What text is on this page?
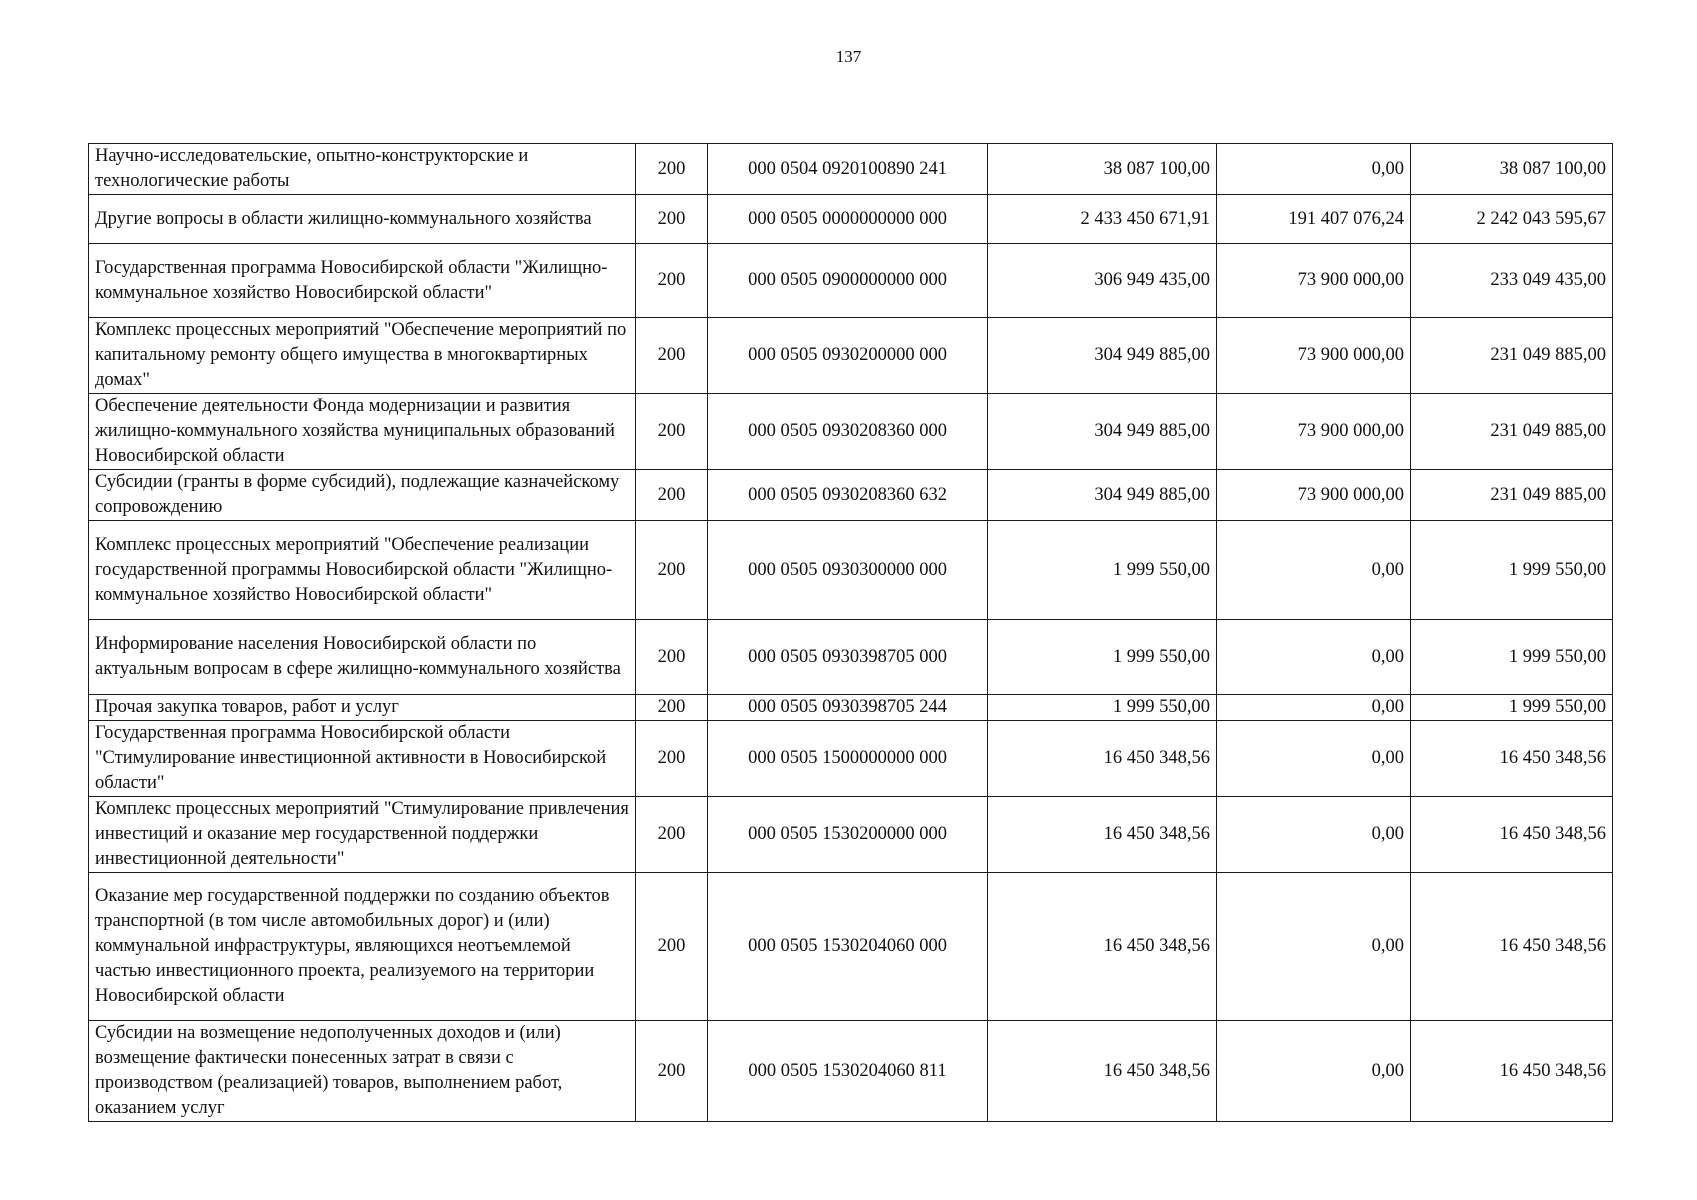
137
Научно-исследовательские, опытно-конструкторские и технологические работы	200	000 0504 0920100890 241	38 087 100,00	0,00	38 087 100,00
Другие вопросы в области жилищно-коммунального хозяйства	200	000 0505 0000000000 000	2 433 450 671,91	191 407 076,24	2 242 043 595,67
Государственная программа Новосибирской области "Жилищно-коммунальное хозяйство Новосибирской области"	200	000 0505 0900000000 000	306 949 435,00	73 900 000,00	233 049 435,00
Комплекс процессных мероприятий "Обеспечение мероприятий по капитальному ремонту общего имущества в многоквартирных домах"	200	000 0505 0930200000 000	304 949 885,00	73 900 000,00	231 049 885,00
Обеспечение деятельности Фонда модернизации и развития жилищно-коммунального хозяйства муниципальных образований Новосибирской области	200	000 0505 0930208360 000	304 949 885,00	73 900 000,00	231 049 885,00
Субсидии (гранты в форме субсидий), подлежащие казначейскому сопровождению	200	000 0505 0930208360 632	304 949 885,00	73 900 000,00	231 049 885,00
Комплекс процессных мероприятий "Обеспечение реализации государственной программы Новосибирской области "Жилищно-коммунальное хозяйство Новосибирской области"	200	000 0505 0930300000 000	1 999 550,00	0,00	1 999 550,00
Информирование населения Новосибирской области по актуальным вопросам в сфере жилищно-коммунального хозяйства	200	000 0505 0930398705 000	1 999 550,00	0,00	1 999 550,00
Прочая закупка товаров, работ и услуг	200	000 0505 0930398705 244	1 999 550,00	0,00	1 999 550,00
Государственная программа Новосибирской области "Стимулирование инвестиционной активности в Новосибирской области"	200	000 0505 1500000000 000	16 450 348,56	0,00	16 450 348,56
Комплекс процессных мероприятий "Стимулирование привлечения инвестиций и оказание мер государственной поддержки инвестиционной деятельности"	200	000 0505 1530200000 000	16 450 348,56	0,00	16 450 348,56
Оказание мер государственной поддержки по созданию объектов транспортной (в том числе автомобильных дорог) и (или) коммунальной инфраструктуры, являющихся неотъемлемой частью инвестиционного проекта, реализуемого на территории Новосибирской области	200	000 0505 1530204060 000	16 450 348,56	0,00	16 450 348,56
Субсидии на возмещение недополученных доходов и (или) возмещение фактически понесенных затрат в связи с производством (реализацией) товаров, выполнением работ, оказанием услуг	200	000 0505 1530204060 811	16 450 348,56	0,00	16 450 348,56
